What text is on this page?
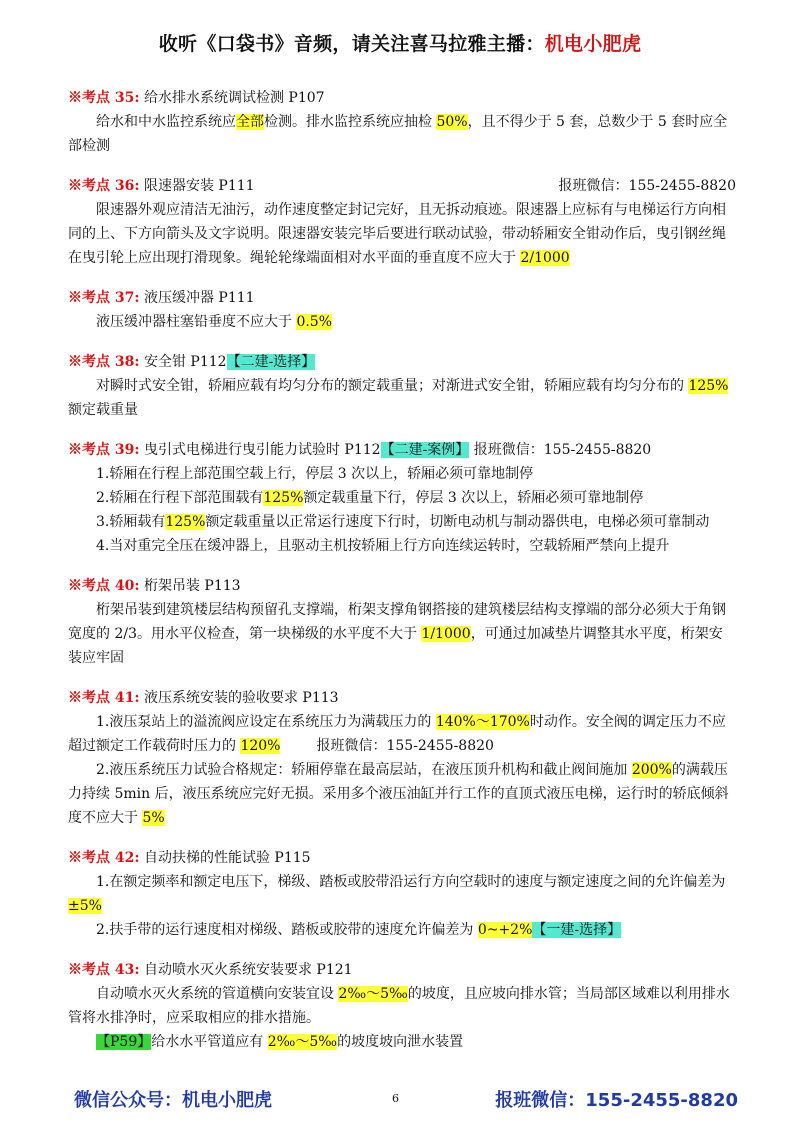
收听《口袋书》音频，请关注喜马拉雅主播：机电小肥虎
※考点 35: 给水排水系统调试检测 P107
给水和中水监控系统应全部检测。排水监控系统应抽检 50%，且不得少于 5 套，总数少于 5 套时应全部检测
※考点 36: 限速器安装 P111	报班微信：155-2455-8820
限速器外观应清洁无油污，动作速度整定封记完好，且无拆动痕迹。限速器上应标有与电梯运行方向相同的上、下方向箭头及文字说明。限速器安装完毕后要进行联动试验，带动轿厢安全钳动作后，曳引钢丝绳在曳引轮上应出现打滑现象。绳轮轮缘端面相对水平面的垂直度不应大于 2/1000
※考点 37: 液压缓冲器 P111
液压缓冲器柱塞铅垂度不应大于 0.5%
※考点 38: 安全钳 P112【二建-选择】
对瞬时式安全钳，轿厢应载有均匀分布的额定载重量；对渐进式安全钳，轿厢应载有均匀分布的 125%额定载重量
※考点 39: 曳引式电梯进行曳引能力试验时 P112【二建-案例】 报班微信：155-2455-8820
1.轿厢在行程上部范围空载上行，停层 3 次以上，轿厢必须可靠地制停
2.轿厢在行程下部范围载有125%额定载重量下行，停层 3 次以上，轿厢必须可靠地制停
3.轿厢载有125%额定载重量以正常运行速度下行时，切断电动机与制动器供电，电梯必须可靠制动
4.当对重完全压在缓冲器上，且驱动主机按轿厢上行方向连续运转时，空载轿厢严禁向上提升
※考点 40: 桁架吊装 P113
桁架吊装到建筑楼层结构预留孔支撑端，桁架支撑角钢搭接的建筑楼层结构支撑端的部分必须大于角钢宽度的 2/3。用水平仪检查，第一块梯级的水平度不大于 1/1000，可通过加减垫片调整其水平度，桁架安装应牢固
※考点 41: 液压系统安装的验收要求 P113
1.液压泵站上的溢流阀应设定在系统压力为满载压力的 140%～170%时动作。安全阀的调定压力不应超过额定工作载荷时压力的 120%	报班微信：155-2455-8820
2.液压系统压力试验合格规定：轿厢停靠在最高层站，在液压顶升机构和截止阀间施加 200%的满载压力持续 5min 后，液压系统应完好无损。采用多个液压油缸并行工作的直顶式液压电梯，运行时的轿底倾斜度不应大于 5%
※考点 42: 自动扶梯的性能试验 P115
1.在额定频率和额定电压下，梯级、踏板或胶带沿运行方向空载时的速度与额定速度之间的允许偏差为±5%
2.扶手带的运行速度相对梯级、踏板或胶带的速度允许偏差为 0~+2%【一建-选择】
※考点 43: 自动喷水灭火系统安装要求 P121
自动喷水灭火系统的管道横向安装宜设 2‰～5‰的坡度，且应坡向排水管；当局部区域难以利用排水管将水排净时，应采取相应的排水措施。
【P59】给水水平管道应有 2‰～5‰的坡度坡向泄水装置
微信公众号：机电小肥虎	6	报班微信：155-2455-8820
